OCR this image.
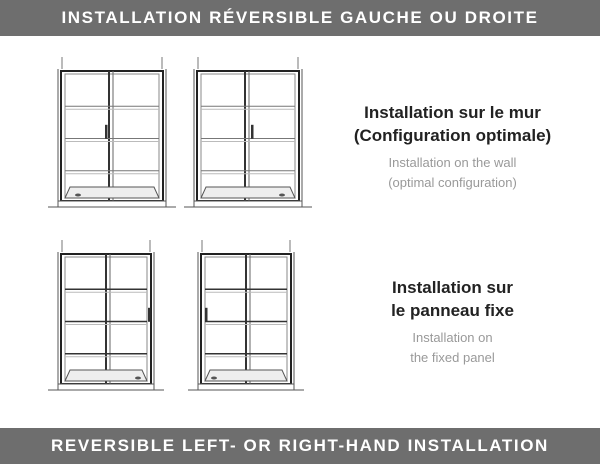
INSTALLATION RÉVERSIBLE GAUCHE OU DROITE
Installation sur le mur
(Configuration optimale)

Installation on the wall
(optimal configuration)

Installation sur
le panneau fixe

Installation on
the fixed panel

REVERSIBLE LEFT- OR RIGHT-HAND INSTALLATION
